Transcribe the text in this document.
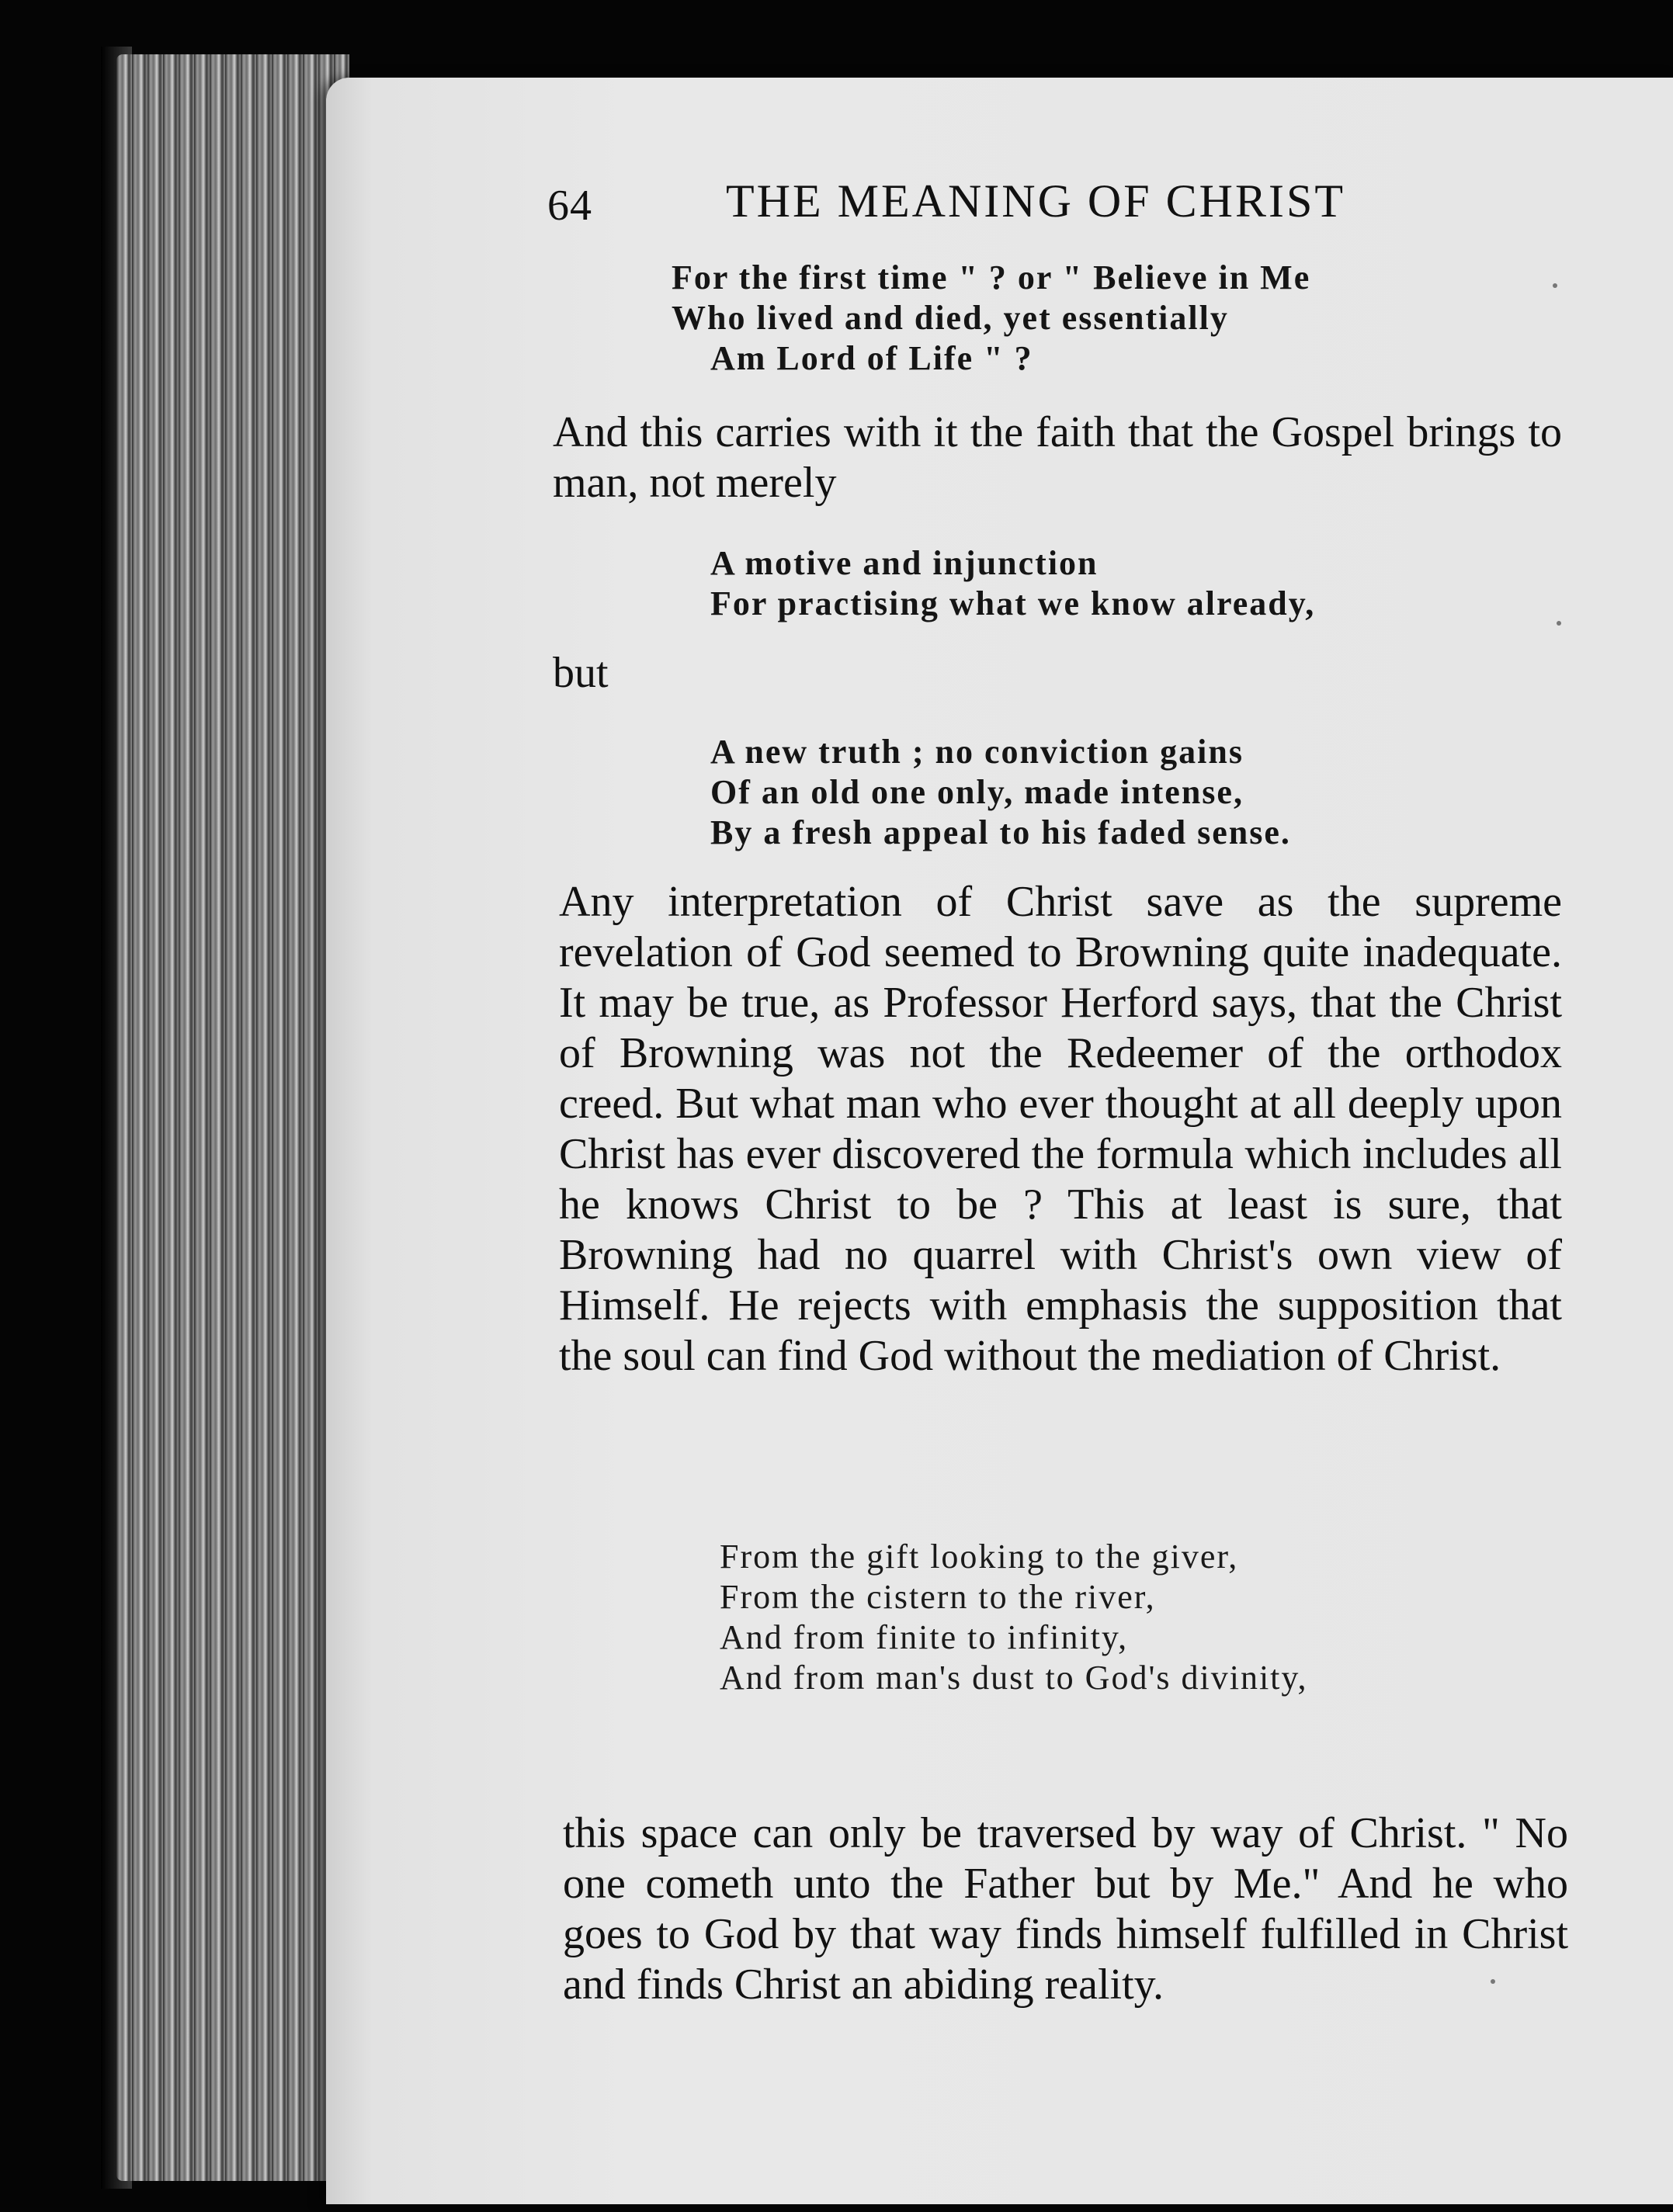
64	THE MEANING OF CHRIST
For the first time " ? or " Believe in Me
Who lived and died, yet essentially
Am Lord of Life " ?

And this carries with it the faith that the Gospel brings to man, not merely

A motive and injunction
For practising what we know already,

but

A new truth ; no conviction gains
Of an old one only, made intense,
By a fresh appeal to his faded sense.

Any interpretation of Christ save as the supreme revelation of God seemed to Browning quite inadequate. It may be true, as Professor Herford says, that the Christ of Browning was not the Redeemer of the orthodox creed. But what man who ever thought at all deeply upon Christ has ever discovered the formula which includes all he knows Christ to be ? This at least is sure, that Browning had no quarrel with Christ's own view of Himself. He rejects with emphasis the supposition that the soul can find God without the mediation of Christ.

From the gift looking to the giver,
From the cistern to the river,
And from finite to infinity,
And from man's dust to God's divinity,

this space can only be traversed by way of Christ. " No one cometh unto the Father but by Me." And he who goes to God by that way finds himself fulfilled in Christ and finds Christ an abiding reality.
